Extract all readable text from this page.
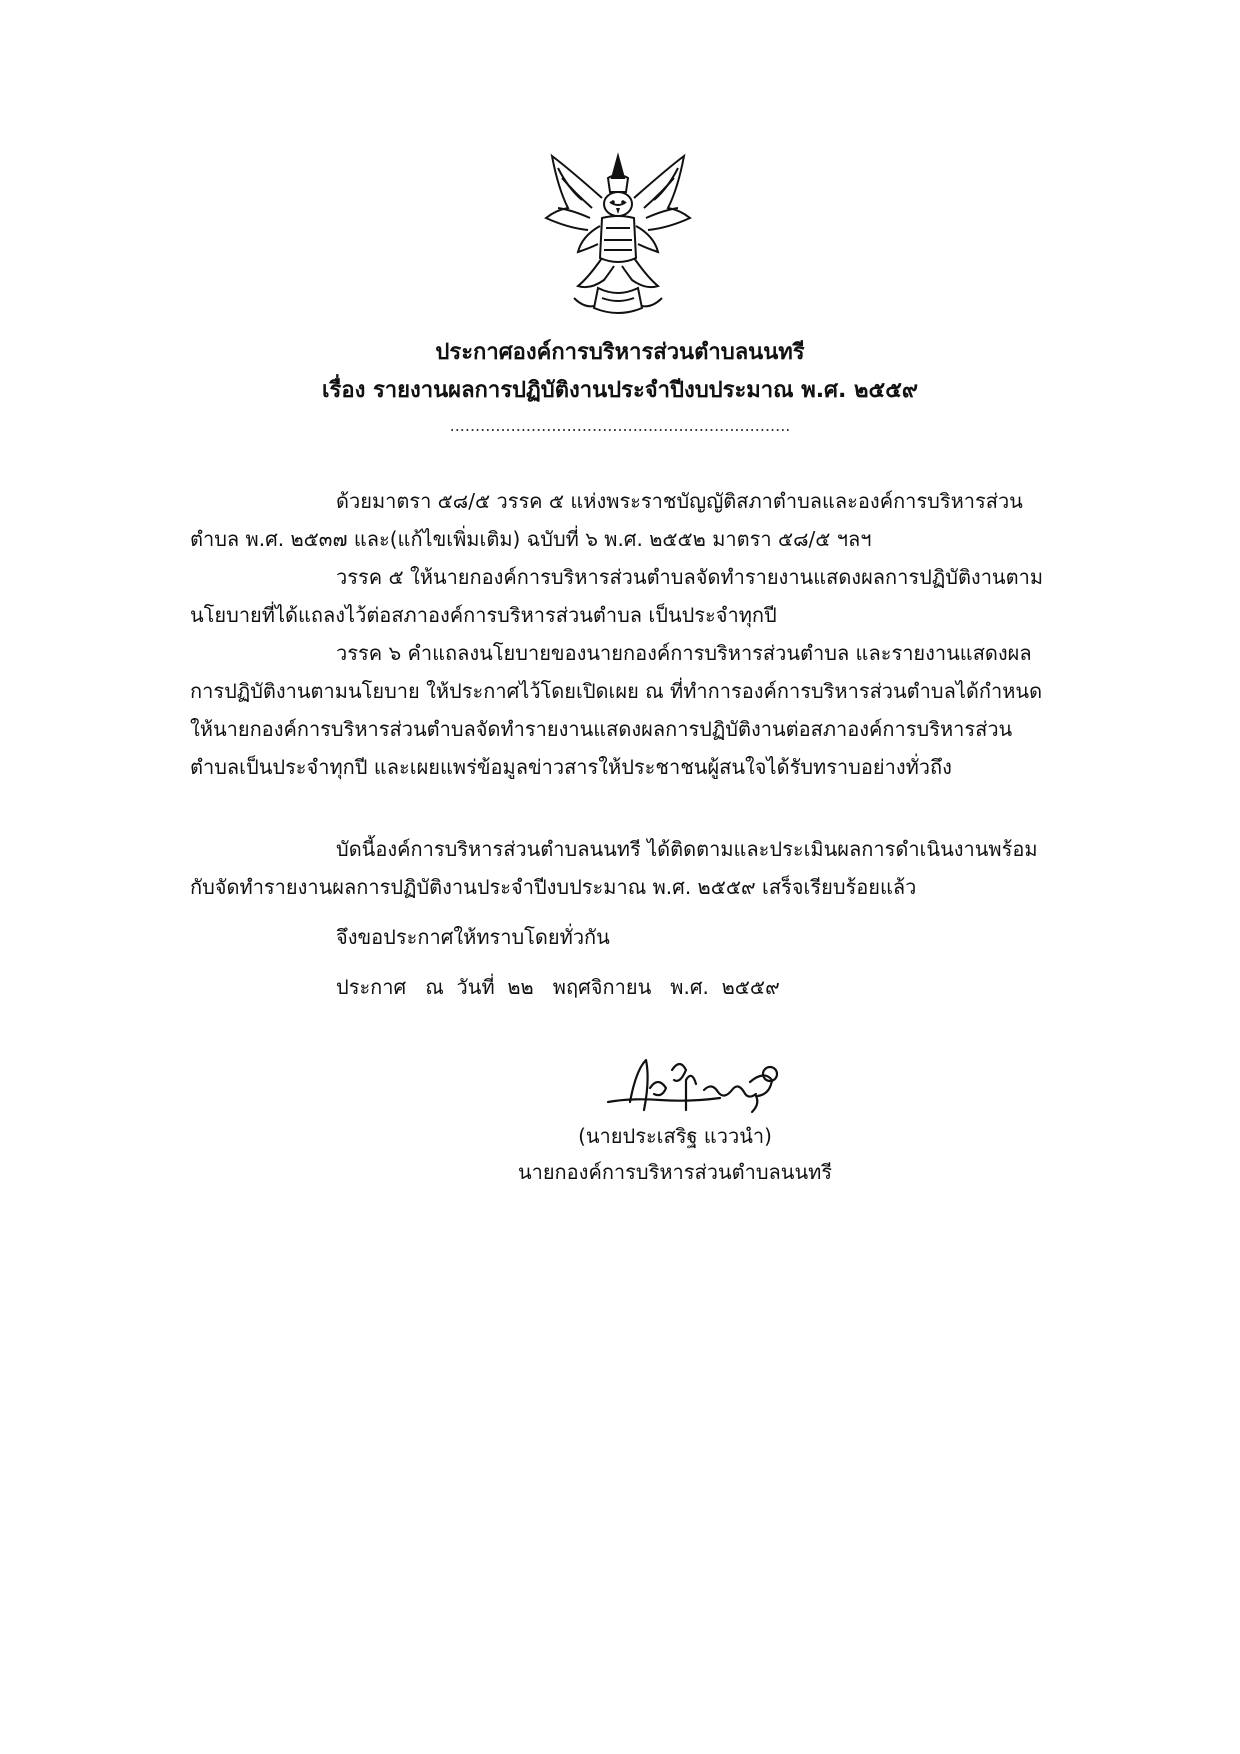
ประกาศองค์การบริหารส่วนตำบลนนทรี
เรื่อง รายงานผลการปฏิบัติงานประจำปีงบประมาณ พ.ศ. ๒๕๕๙
...................................................................
ด้วยมาตรา ๕๘/๕ วรรค ๕ แห่งพระราชบัญญัติสภาตำบลและองค์การบริหารส่วนตำบล พ.ศ. ๒๕๓๗ และ(แก้ไขเพิ่มเติม) ฉบับที่ ๖ พ.ศ. ๒๕๕๒ มาตรา ๕๘/๕ ฯลฯ
วรรค ๕ ให้นายกองค์การบริหารส่วนตำบลจัดทำรายงานแสดงผลการปฏิบัติงานตามนโยบายที่ได้แถลงไว้ต่อสภาองค์การบริหารส่วนตำบล เป็นประจำทุกปี
วรรค ๖ คำแถลงนโยบายของนายกองค์การบริหารส่วนตำบล และรายงานแสดงผลการปฏิบัติงานตามนโยบาย ให้ประกาศไว้โดยเปิดเผย ณ ที่ทำการองค์การบริหารส่วนตำบลได้กำหนดให้นายกองค์การบริหารส่วนตำบลจัดทำรายงานแสดงผลการปฏิบัติงานต่อสภาองค์การบริหารส่วนตำบลเป็นประจำทุกปี และเผยแพร่ข้อมูลข่าวสารให้ประชาชนผู้สนใจได้รับทราบอย่างทั่วถึง
บัดนี้องค์การบริหารส่วนตำบลนนทรี ได้ติดตามและประเมินผลการดำเนินงานพร้อมกับจัดทำรายงานผลการปฏิบัติงานประจำปีงบประมาณ พ.ศ. ๒๕๕๙ เสร็จเรียบร้อยแล้ว
จึงขอประกาศให้ทราบโดยทั่วกัน
ประกาศ   ณ  วันที่  ๒๒   พฤศจิกายน   พ.ศ.  ๒๕๕๙
(นายประเสริฐ แววนำ)
นายกองค์การบริหารส่วนตำบลนนทรี
